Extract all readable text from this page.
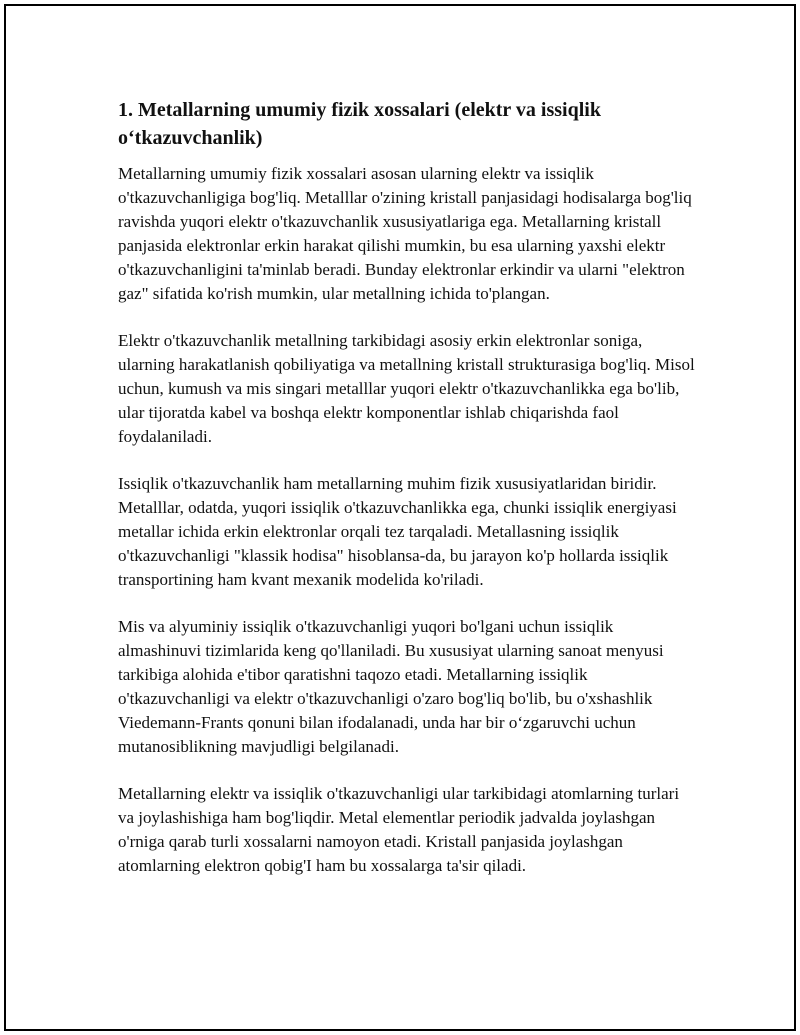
1. Metallarning umumiy fizik xossalari (elektr va issiqlik o‘tkazuvchanlik)

Metallarning umumiy fizik xossalari asosan ularning elektr va issiqlik o'tkazuvchanligiga bog'liq. Metalllar o'zining kristall panjasidagi hodisalarga bog'liq ravishda yuqori elektr o'tkazuvchanlik xususiyatlariga ega. Metallarning kristall panjasida elektronlar erkin harakat qilishi mumkin, bu esa ularning yaxshi elektr o'tkazuvchanligini ta'minlab beradi. Bunday elektronlar erkindir va ularni "elektron gaz" sifatida ko'rish mumkin, ular metallning ichida to'plangan.

Elektr o'tkazuvchanlik metallning tarkibidagi asosiy erkin elektronlar soniga, ularning harakatlanish qobiliyatiga va metallning kristall strukturasiga bog'liq. Misol uchun, kumush va mis singari metalllar yuqori elektr o'tkazuvchanlikka ega bo'lib, ular tijoratda kabel va boshqa elektr komponentlar ishlab chiqarishda faol foydalaniladi.

Issiqlik o'tkazuvchanlik ham metallarning muhim fizik xususiyatlaridan biridir. Metalllar, odatda, yuqori issiqlik o'tkazuvchanlikka ega, chunki issiqlik energiyasi metallar ichida erkin elektronlar orqali tez tarqaladi. Metallasning issiqlik o'tkazuvchanligi "klassik hodisa" hisoblansa-da, bu jarayon ko'p hollarda issiqlik transportining ham kvant mexanik modelida ko'riladi.

Mis va alyuminiy issiqlik o'tkazuvchanligi yuqori bo'lgani uchun issiqlik almashinuvi tizimlarida keng qo'llaniladi. Bu xususiyat ularning sanoat menyusi tarkibiga alohida e'tibor qaratishni taqozo etadi. Metallarning issiqlik o'tkazuvchanligi va elektr o'tkazuvchanligi o'zaro bog'liq bo'lib, bu o'xshashlik Viedemann-Frants qonuni bilan ifodalanadi, unda har bir o‘zgaruvchi uchun mutanosiblikning mavjudligi belgilanadi.

Metallarning elektr va issiqlik o'tkazuvchanligi ular tarkibidagi atomlarning turlari va joylashishiga ham bog'liqdir. Metal elementlar periodik jadvalda joylashgan o'rniga qarab turli xossalarni namoyon etadi. Kristall panjasida joylashgan atomlarning elektron qobig'I ham bu xossalarga ta'sir qiladi.
